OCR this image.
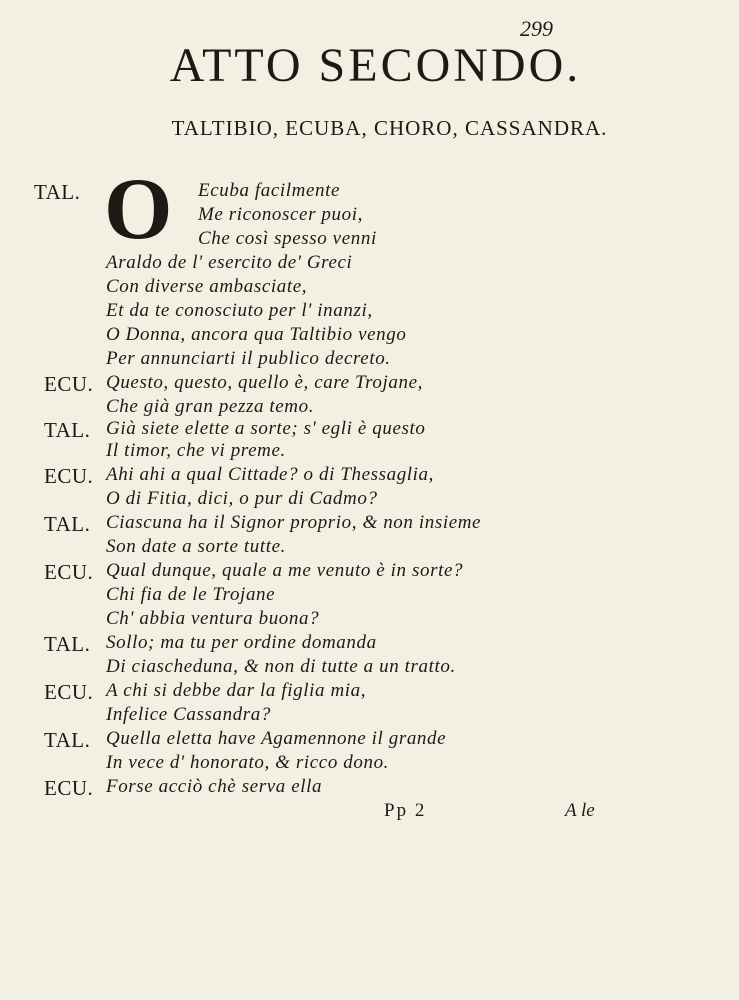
299
ATTO SECONDO.
TALTIBIO, ECUBA, CHORO, CASSANDRA.
O
TAL.	Ecuba facilmente
Me riconoscer puoi,
Che così spesso venni
Araldo de l' esercito de' Greci
Con diverse ambasciate,
Et da te conosciuto per l' inanzi,
O Donna, ancora qua Taltibio vengo
Per annunciarti il publico decreto.
ECU. Questo, questo, quello è, care Trojane,
Che già gran pezza temo.
TAL. Già siete elette a sorte; s' egli è questo
Il timor, che vi preme.
ECU. Ahi ahi a qual Cittade? o di Thessaglia,
O di Fitia, dici, o pur di Cadmo?
TAL. Ciascuna ha il Signor proprio, & non insieme
Son date a sorte tutte.
ECU. Qual dunque, quale a me venuto è in sorte?
Chi fia de le Trojane
Ch' abbia ventura buona?
TAL. Sollo; ma tu per ordine domanda
Di ciascheduna, & non di tutte a un tratto.
ECU. A chi si debbe dar la figlia mia,
Infelice Cassandra?
TAL. Quella eletta have Agamennone il grande
In vece d' honorato, & ricco dono.
ECU. Forse acciò chè serva ella
Pp 2	A le
